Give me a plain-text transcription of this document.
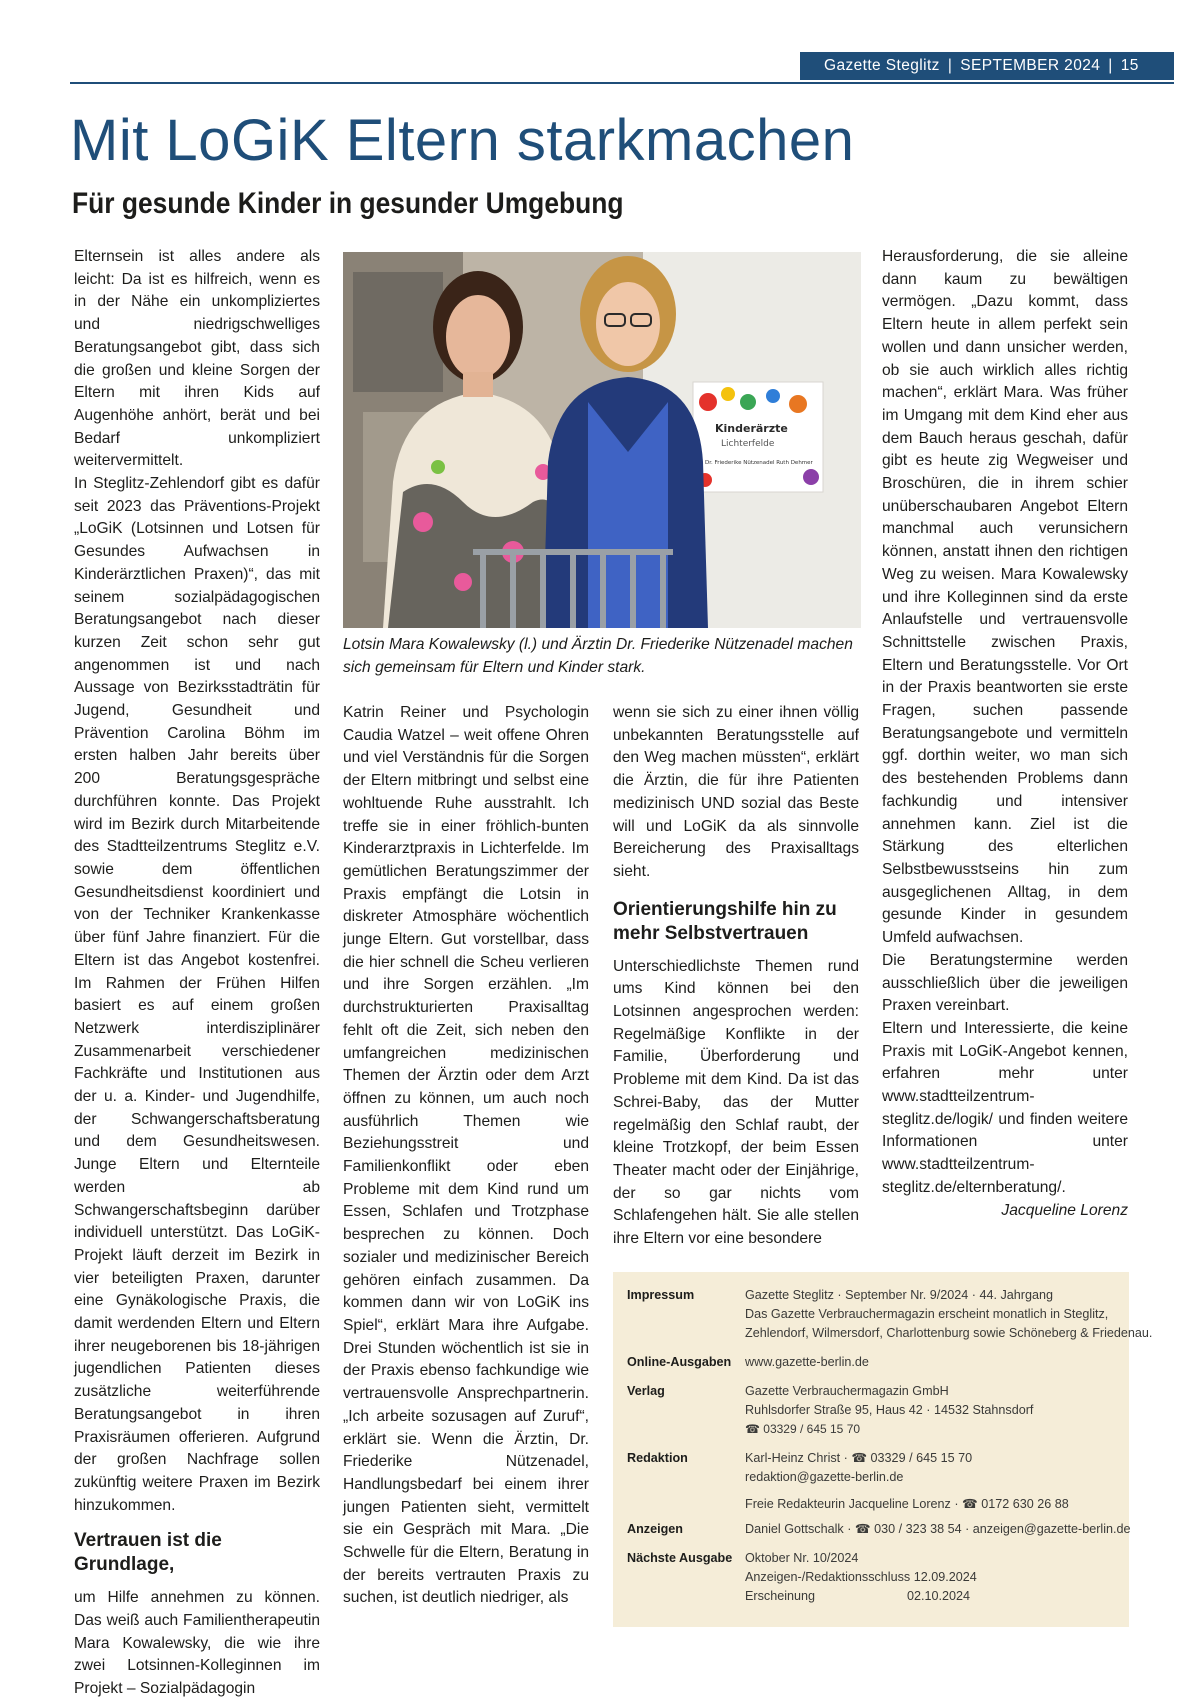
Gazette Steglitz | SEPTEMBER 2024 | 15
Mit LoGiK Eltern starkmachen
Für gesunde Kinder in gesunder Umgebung

Elternsein ist alles andere als leicht: Da ist es hilfreich, wenn es in der Nähe ein unkompliziertes und niedrigschwelliges Beratungsangebot gibt, dass sich die großen und kleine Sorgen der Eltern mit ihren Kids auf Augenhöhe anhört, berät und bei Bedarf unkompliziert weitervermittelt.

In Steglitz-Zehlendorf gibt es dafür seit 2023 das Präventions-Projekt „LoGiK (Lotsinnen und Lotsen für Gesundes Aufwachsen in Kinderärztlichen Praxen)“, das mit seinem sozialpädagogischen Beratungsangebot nach dieser kurzen Zeit schon sehr gut angenommen ist und nach Aussage von Bezirksstadträtin für Jugend, Gesundheit und Prävention Carolina Böhm im ersten halben Jahr bereits über 200 Beratungsgespräche durchführen konnte. Das Projekt wird im Bezirk durch Mitarbeitende des Stadtteilzentrums Steglitz e.V. sowie dem öffentlichen Gesundheitsdienst koordiniert und von der Techniker Krankenkasse über fünf Jahre finanziert. Für die Eltern ist das Angebot kostenfrei. Im Rahmen der Frühen Hilfen basiert es auf einem großen Netzwerk interdisziplinärer Zusammenarbeit verschiedener Fachkräfte und Institutionen aus der u. a. Kinder- und Jugendhilfe, der Schwangerschaftsberatung und dem Gesundheitswesen. Junge Eltern und Elternteile werden ab Schwangerschaftsbeginn darüber individuell unterstützt. Das LoGiK-Projekt läuft derzeit im Bezirk in vier beteiligten Praxen, darunter eine Gynäkologische Praxis, die damit werdenden Eltern und Eltern ihrer neugeborenen bis 18-jährigen jugendlichen Patienten dieses zusätzliche weiterführende Beratungsangebot in ihren Praxisräumen offerieren. Aufgrund der großen Nachfrage sollen zukünftig weitere Praxen im Bezirk hinzukommen.

Vertrauen ist die Grundlage,

um Hilfe annehmen zu können. Das weiß auch Familientherapeutin Mara Kowalewsky, die wie ihre zwei Lotsinnen-Kolleginnen im Projekt – Sozialpädagogin

Kinderärzte
Lichterfelde
Dr. Friederike Nützenadel Ruth Dehmer
Lotsin Mara Kowalewsky (l.) und Ärztin Dr. Friederike Nützenadel machen sich gemeinsam für Eltern und Kinder stark.

Katrin Reiner und Psychologin Caudia Watzel – weit offene Ohren und viel Verständnis für die Sorgen der Eltern mitbringt und selbst eine wohltuende Ruhe ausstrahlt. Ich treffe sie in einer fröhlich-bunten Kinderarztpraxis in Lichterfelde. Im gemütlichen Beratungszimmer der Praxis empfängt die Lotsin in diskreter Atmosphäre wöchentlich junge Eltern. Gut vorstellbar, dass die hier schnell die Scheu verlieren und ihre Sorgen erzählen. „Im durchstrukturierten Praxisalltag fehlt oft die Zeit, sich neben den umfangreichen medizinischen Themen der Ärztin oder dem Arzt öffnen zu können, um auch noch ausführlich Themen wie Beziehungsstreit und Familienkonflikt oder eben Probleme mit dem Kind rund um Essen, Schlafen und Trotzphase besprechen zu können. Doch sozialer und medizinischer Bereich gehören einfach zusammen. Da kommen dann wir von LoGiK ins Spiel“, erklärt Mara ihre Aufgabe. Drei Stunden wöchentlich ist sie in der Praxis ebenso fachkundige wie vertrauensvolle Ansprechpartnerin.„Ich arbeite sozusagen auf Zuruf“, erklärt sie. Wenn die Ärztin, Dr. Friederike Nützenadel, Handlungsbedarf bei einem ihrer jungen Patienten sieht, vermittelt sie ein Gespräch mit Mara. „Die Schwelle für die Eltern, Beratung in der bereits vertrauten Praxis zu suchen, ist deutlich niedriger, als

wenn sie sich zu einer ihnen völlig unbekannten Beratungsstelle auf den Weg machen müssten“, erklärt die Ärztin, die für ihre Patienten medizinisch UND sozial das Beste will und LoGiK da als sinnvolle Bereicherung des Praxisalltags sieht.

Orientierungshilfe hin zu mehr Selbstvertrauen

Unterschiedlichste Themen rund ums Kind können bei den Lotsinnen angesprochen werden: Regelmäßige Konflikte in der Familie, Überforderung und Probleme mit dem Kind. Da ist das Schrei-Baby, das der Mutter regelmäßig den Schlaf raubt, der kleine Trotzkopf, der beim Essen Theater macht oder der Einjährige, der so gar nichts vom Schlafengehen hält. Sie alle stellen ihre Eltern vor eine besondere

Herausforderung, die sie alleine dann kaum zu bewältigen vermögen. „Dazu kommt, dass Eltern heute in allem perfekt sein wollen und dann unsicher werden, ob sie auch wirklich alles richtig machen“, erklärt Mara. Was früher im Umgang mit dem Kind eher aus dem Bauch heraus geschah, dafür gibt es heute zig Wegweiser und Broschüren, die in ihrem schier unüberschaubaren Angebot Eltern manchmal auch verunsichern können, anstatt ihnen den richtigen Weg zu weisen. Mara Kowalewsky und ihre Kolleginnen sind da erste Anlaufstelle und vertrauensvolle Schnittstelle zwischen Praxis, Eltern und Beratungsstelle. Vor Ort in der Praxis beantworten sie erste Fragen, suchen passende Beratungsangebote und vermitteln ggf. dorthin weiter, wo man sich des bestehenden Problems dann fachkundig und intensiver annehmen kann. Ziel ist die Stärkung des elterlichen Selbstbewusstseins hin zum ausgeglichenen Alltag, in dem gesunde Kinder in gesundem Umfeld aufwachsen.

Die Beratungstermine werden ausschließlich über die jeweiligen Praxen vereinbart.

Eltern und Interessierte, die keine Praxis mit LoGiK-Angebot kennen, erfahren mehr unter www.stadtteilzentrum-steglitz.de/logik/ und finden weitere Informationen unter www.stadtteilzentrum-steglitz.de/elternberatung/.

Jacqueline Lorenz

Impressum	Gazette Steglitz · September Nr. 9/2024 · 44. Jahrgang
Das Gazette Verbrauchermagazin erscheint monatlich in Steglitz,
Zehlendorf, Wilmersdorf, Charlottenburg sowie Schöneberg & Friedenau.
Online-Ausgaben	www.gazette-berlin.de
Verlag	Gazette Verbrauchermagazin GmbH
Ruhlsdorfer Straße 95, Haus 42 · 14532 Stahnsdorf
☎ 03329 / 645 15 70
Redaktion	Karl-Heinz Christ · ☎ 03329 / 645 15 70
redaktion@gazette-berlin.de
Freie Redakteurin Jacqueline Lorenz · ☎ 0172 630 26 88
Anzeigen	Daniel Gottschalk · ☎ 030 / 323 38 54 · anzeigen@gazette-berlin.de
Nächste Ausgabe	Oktober Nr. 10/2024
Anzeigen-/Redaktionsschluss 12.09.2024
Erscheinung	02.10.2024
